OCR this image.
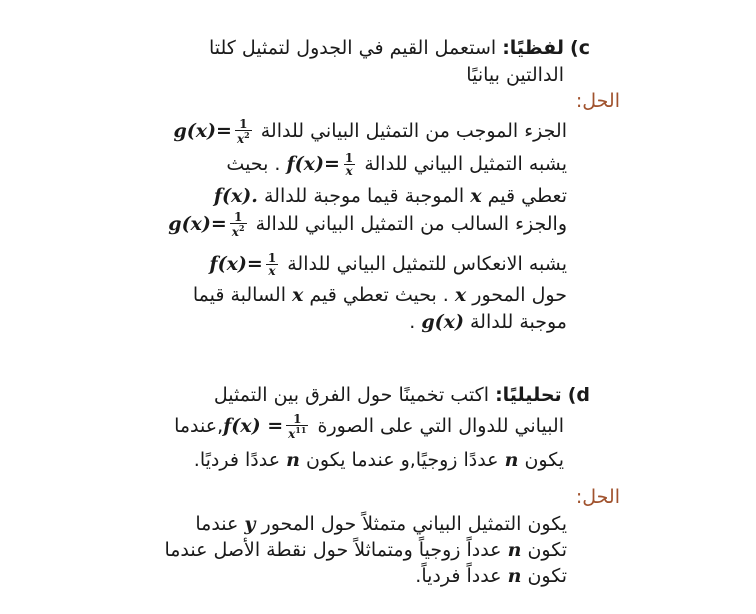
c) لفظيًا: استعمل القيم في الجدول لتمثيل كلتا
الدالتين بيانيًا
الحل:
الجزء الموجب من التمثيل البياني للدالة
$\frac{1}{x^2}$
g(x)=
يشبه التمثيل البياني للدالة
$\frac{1}{x}$
f(x)= . بحيث
تعطي قيم x الموجبة قيما موجبة للدالة f(x).
والجزء السالب من التمثيل البياني للدالة
$\frac{1}{x^2}$
g(x)=
يشبه الانعكاس للتمثيل البياني للدالة
$\frac{1}{x}$
f(x)=
حول المحور x . بحيث تعطي قيم x السالبة قيما
موجبة للدالة g(x) .
d) تحليليًا: اكتب تخمينًا حول الفرق بين التمثيل
البياني للدوال التي على الصورة
$\frac{1}{x^{11}}$
f(x) =,عندما
يكون n عددًا زوجيًا,و عندما يكون n عددًا فرديًا.
الحل:
يكون التمثيل البياني متمثلاً حول المحور y عندما
تكون n عدداً زوجياً ومتماثلاً حول نقطة الأصل عندما
تكون n عدداً فردياً.
